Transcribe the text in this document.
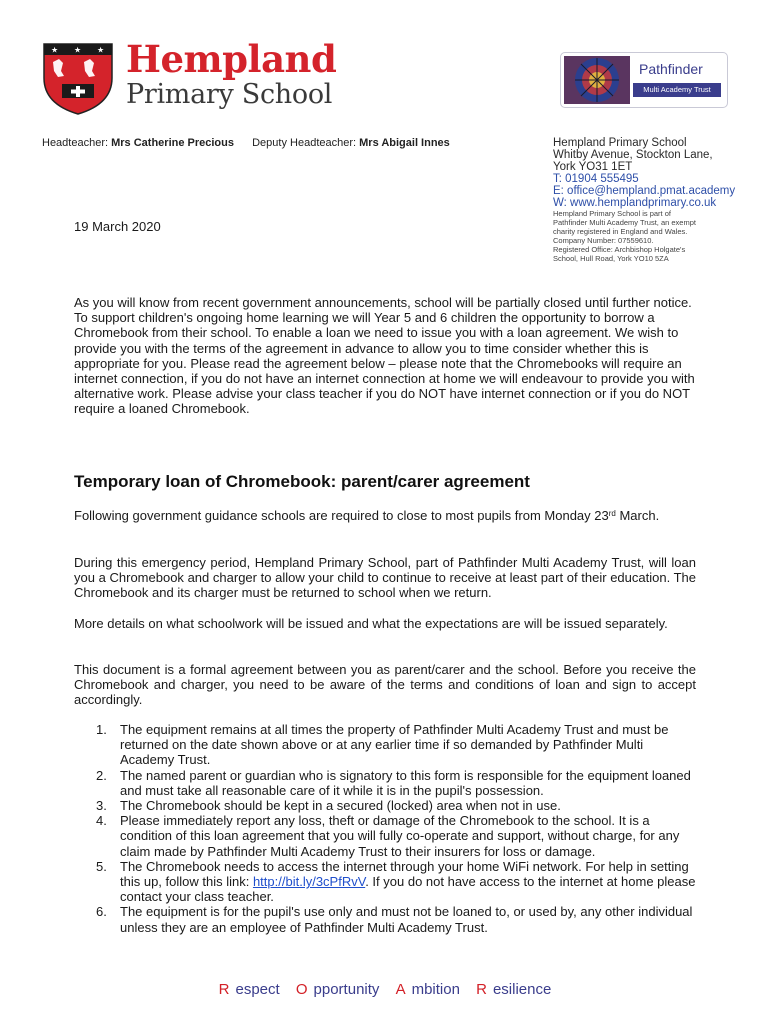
★ ★ ★ Hempland
Primary School
Pathfinder
Multi Academy Trust
Headteacher: Mrs Catherine Precious Deputy Headteacher: Mrs Abigail Innes	Hempland Primary School
Whitby Avenue, Stockton Lane,
York YO31 1ET
T: 01904 555495
E: office@hempland.pmat.academy
W: www.hemplandprimary.co.uk
Hempland Primary School is part of
Pathfinder Multi Academy Trust, an exempt
charity registered in England and Wales.
Company Number: 07559610.
Registered Office: Archbishop Holgate's
School, Hull Road, York YO10 5ZA
19 March 2020
As you will know from recent government announcements, school will be partially closed until further notice. To support children's ongoing home learning we will Year 5 and 6 children the opportunity to borrow a Chromebook from their school. To enable a loan we need to issue you with a loan agreement. We wish to provide you with the terms of the agreement in advance to allow you to time consider whether this is appropriate for you. Please read the agreement below – please note that the Chromebooks will require an internet connection, if you do not have an internet connection at home we will endeavour to provide you with alternative work. Please advise your class teacher if you do NOT have internet connection or if you do NOT require a loaned Chromebook.
Temporary loan of Chromebook: parent/carer agreement
Following government guidance schools are required to close to most pupils from Monday 23rd March.
During this emergency period, Hempland Primary School, part of Pathfinder Multi Academy Trust, will loan you a Chromebook and charger to allow your child to continue to receive at least part of their education. The Chromebook and its charger must be returned to school when we return.
More details on what schoolwork will be issued and what the expectations are will be issued separately.
This document is a formal agreement between you as parent/carer and the school. Before you receive the Chromebook and charger, you need to be aware of the terms and conditions of loan and sign to accept accordingly.
1. The equipment remains at all times the property of Pathfinder Multi Academy Trust and must be returned on the date shown above or at any earlier time if so demanded by Pathfinder Multi Academy Trust.
2. The named parent or guardian who is signatory to this form is responsible for the equipment loaned and must take all reasonable care of it while it is in the pupil's possession.
3. The Chromebook should be kept in a secured (locked) area when not in use.
4. Please immediately report any loss, theft or damage of the Chromebook to the school. It is a condition of this loan agreement that you will fully co-operate and support, without charge, for any claim made by Pathfinder Multi Academy Trust to their insurers for loss or damage.
5. The Chromebook needs to access the internet through your home WiFi network. For help in setting this up, follow this link: http://bit.ly/3cPfRvV. If you do not have access to the internet at home please contact your class teacher.
6. The equipment is for the pupil's use only and must not be loaned to, or used by, any other individual unless they are an employee of Pathfinder Multi Academy Trust.
R espect O pportunity A mbition R esilience
